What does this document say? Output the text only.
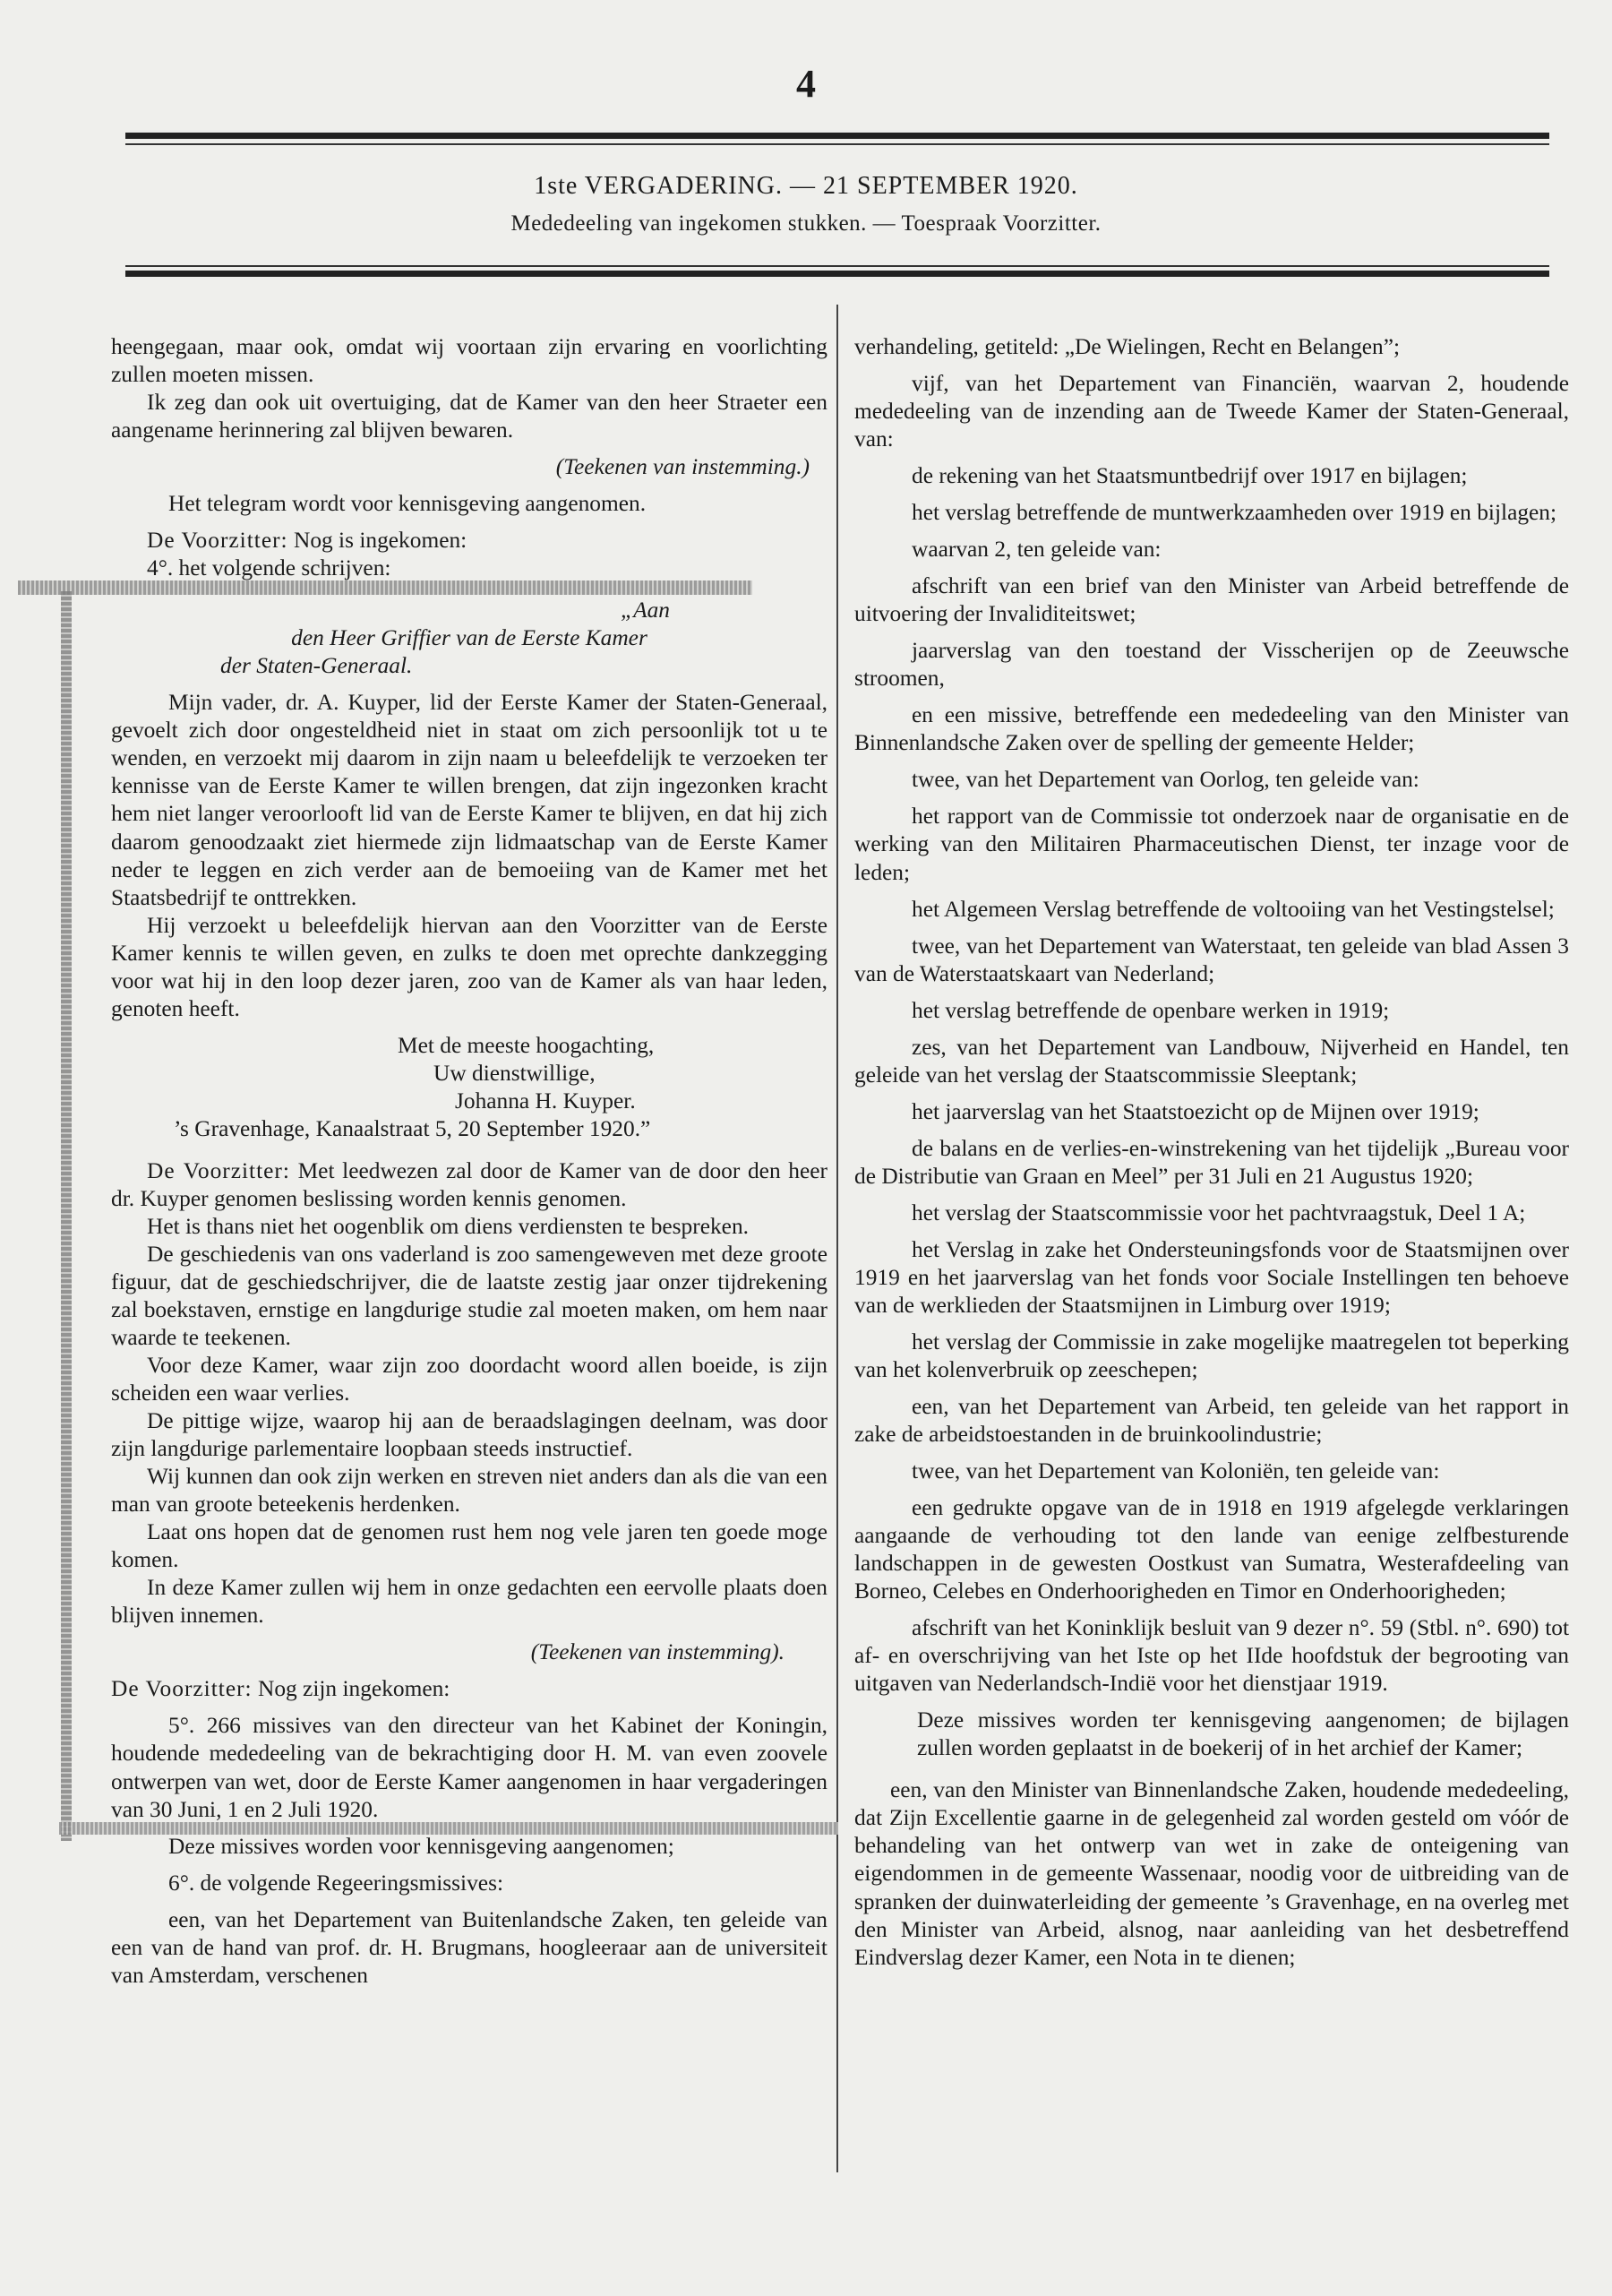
4
1ste VERGADERING. — 21 SEPTEMBER 1920.
Mededeeling van ingekomen stukken. — Toespraak Voorzitter.

heengegaan, maar ook, omdat wij voortaan zijn ervaring en voorlichting zullen moeten missen.

Ik zeg dan ook uit overtuiging, dat de Kamer van den heer Straeter een aangename herinnering zal blijven bewaren.

(Teekenen van instemming.)

Het telegram wordt voor kennisgeving aangenomen.

De Voorzitter: Nog is ingekomen:

4°. het volgende schrijven:

„Aan

den Heer Griffier van de Eerste Kamer

der Staten-Generaal.

Mijn vader, dr. A. Kuyper, lid der Eerste Kamer der Staten-Generaal, gevoelt zich door ongesteldheid niet in staat om zich persoonlijk tot u te wenden, en verzoekt mij daarom in zijn naam u beleefdelijk te verzoeken ter kennisse van de Eerste Kamer te willen brengen, dat zijn ingezonken kracht hem niet langer veroorlooft lid van de Eerste Kamer te blijven, en dat hij zich daarom genoodzaakt ziet hiermede zijn lidmaatschap van de Eerste Kamer neder te leggen en zich verder aan de bemoeiing van de Kamer met het Staatsbedrijf te onttrekken.

Hij verzoekt u beleefdelijk hiervan aan den Voorzitter van de Eerste Kamer kennis te willen geven, en zulks te doen met oprechte dankzegging voor wat hij in den loop dezer jaren, zoo van de Kamer als van haar leden, genoten heeft.

Met de meeste hoogachting,

Uw dienstwillige,

Johanna H. Kuyper.

’s Gravenhage, Kanaalstraat 5, 20 September 1920.”

De Voorzitter: Met leedwezen zal door de Kamer van de door den heer dr. Kuyper genomen beslissing worden kennis genomen.

Het is thans niet het oogenblik om diens verdiensten te bespreken.

De geschiedenis van ons vaderland is zoo samengeweven met deze groote figuur, dat de geschiedschrijver, die de laatste zestig jaar onzer tijdrekening zal boekstaven, ernstige en langdurige studie zal moeten maken, om hem naar waarde te teekenen.

Voor deze Kamer, waar zijn zoo doordacht woord allen boeide, is zijn scheiden een waar verlies.

De pittige wijze, waarop hij aan de beraadslagingen deelnam, was door zijn langdurige parlementaire loopbaan steeds instructief.

Wij kunnen dan ook zijn werken en streven niet anders dan als die van een man van groote beteekenis herdenken.

Laat ons hopen dat de genomen rust hem nog vele jaren ten goede moge komen.

In deze Kamer zullen wij hem in onze gedachten een eervolle plaats doen blijven innemen.

(Teekenen van instemming).

De Voorzitter: Nog zijn ingekomen:

5°. 266 missives van den directeur van het Kabinet der Koningin, houdende mededeeling van de bekrachtiging door H. M. van even zoovele ontwerpen van wet, door de Eerste Kamer aangenomen in haar vergaderingen van 30 Juni, 1 en 2 Juli 1920.

Deze missives worden voor kennisgeving aangenomen;

6°. de volgende Regeeringsmissives:

een, van het Departement van Buitenlandsche Zaken, ten geleide van een van de hand van prof. dr. H. Brugmans, hoogleeraar aan de universiteit van Amsterdam, verschenen

verhandeling, getiteld: „De Wielingen, Recht en Belangen”;

vijf, van het Departement van Financiën, waarvan 2, houdende mededeeling van de inzending aan de Tweede Kamer der Staten-Generaal, van:

de rekening van het Staatsmuntbedrijf over 1917 en bijlagen;

het verslag betreffende de muntwerkzaamheden over 1919 en bijlagen;

waarvan 2, ten geleide van:

afschrift van een brief van den Minister van Arbeid betreffende de uitvoering der Invaliditeitswet;

jaarverslag van den toestand der Visscherijen op de Zeeuwsche stroomen,

en een missive, betreffende een mededeeling van den Minister van Binnenlandsche Zaken over de spelling der gemeente Helder;

twee, van het Departement van Oorlog, ten geleide van:

het rapport van de Commissie tot onderzoek naar de organisatie en de werking van den Militairen Pharmaceutischen Dienst, ter inzage voor de leden;

het Algemeen Verslag betreffende de voltooiing van het Vestingstelsel;

twee, van het Departement van Waterstaat, ten geleide van blad Assen 3 van de Waterstaatskaart van Nederland;

het verslag betreffende de openbare werken in 1919;

zes, van het Departement van Landbouw, Nijverheid en Handel, ten geleide van het verslag der Staatscommissie Sleeptank;

het jaarverslag van het Staatstoezicht op de Mijnen over 1919;

de balans en de verlies-en-winstrekening van het tijdelijk „Bureau voor de Distributie van Graan en Meel” per 31 Juli en 21 Augustus 1920;

het verslag der Staatscommissie voor het pachtvraagstuk, Deel 1 A;

het Verslag in zake het Ondersteuningsfonds voor de Staatsmijnen over 1919 en het jaarverslag van het fonds voor Sociale Instellingen ten behoeve van de werklieden der Staatsmijnen in Limburg over 1919;

het verslag der Commissie in zake mogelijke maatregelen tot beperking van het kolenverbruik op zeeschepen;

een, van het Departement van Arbeid, ten geleide van het rapport in zake de arbeidstoestanden in de bruinkoolindustrie;

twee, van het Departement van Koloniën, ten geleide van:

een gedrukte opgave van de in 1918 en 1919 afgelegde verklaringen aangaande de verhouding tot den lande van eenige zelfbesturende landschappen in de gewesten Oostkust van Sumatra, Westerafdeeling van Borneo, Celebes en Onderhoorigheden en Timor en Onderhoorigheden;

afschrift van het Koninklijk besluit van 9 dezer n°. 59 (Stbl. n°. 690) tot af- en overschrijving van het Iste op het IIde hoofdstuk der begrooting van uitgaven van Nederlandsch-Indië voor het dienstjaar 1919.

Deze missives worden ter kennisgeving aangenomen; de bijlagen zullen worden geplaatst in de boekerij of in het archief der Kamer;

een, van den Minister van Binnenlandsche Zaken, houdende mededeeling, dat Zijn Excellentie gaarne in de gelegenheid zal worden gesteld om vóór de behandeling van het ontwerp van wet in zake de onteigening van eigendommen in de gemeente Wassenaar, noodig voor de uitbreiding van de spranken der duinwaterleiding der gemeente ’s Gravenhage, en na overleg met den Minister van Arbeid, alsnog, naar aanleiding van het desbetreffend Eindverslag dezer Kamer, een Nota in te dienen;
